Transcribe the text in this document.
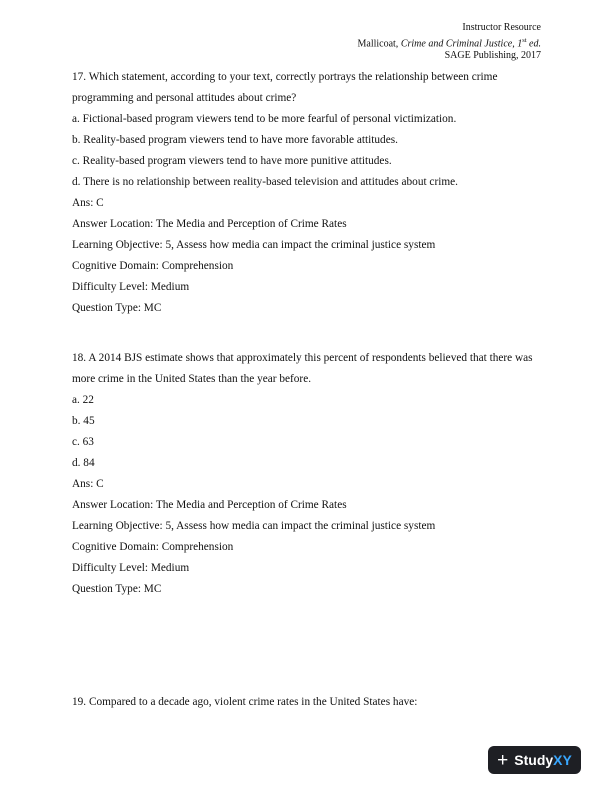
Instructor Resource
Mallicoat, Crime and Criminal Justice, 1st ed.
SAGE Publishing, 2017
17. Which statement, according to your text, correctly portrays the relationship between crime programming and personal attitudes about crime?
a. Fictional-based program viewers tend to be more fearful of personal victimization.
b. Reality-based program viewers tend to have more favorable attitudes.
c. Reality-based program viewers tend to have more punitive attitudes.
d. There is no relationship between reality-based television and attitudes about crime.
Ans: C
Answer Location: The Media and Perception of Crime Rates
Learning Objective: 5, Assess how media can impact the criminal justice system
Cognitive Domain: Comprehension
Difficulty Level: Medium
Question Type: MC
18. A 2014 BJS estimate shows that approximately this percent of respondents believed that there was more crime in the United States than the year before.
a. 22
b. 45
c. 63
d. 84
Ans: C
Answer Location: The Media and Perception of Crime Rates
Learning Objective: 5, Assess how media can impact the criminal justice system
Cognitive Domain: Comprehension
Difficulty Level: Medium
Question Type: MC
19. Compared to a decade ago, violent crime rates in the United States have:
+ Study XY
